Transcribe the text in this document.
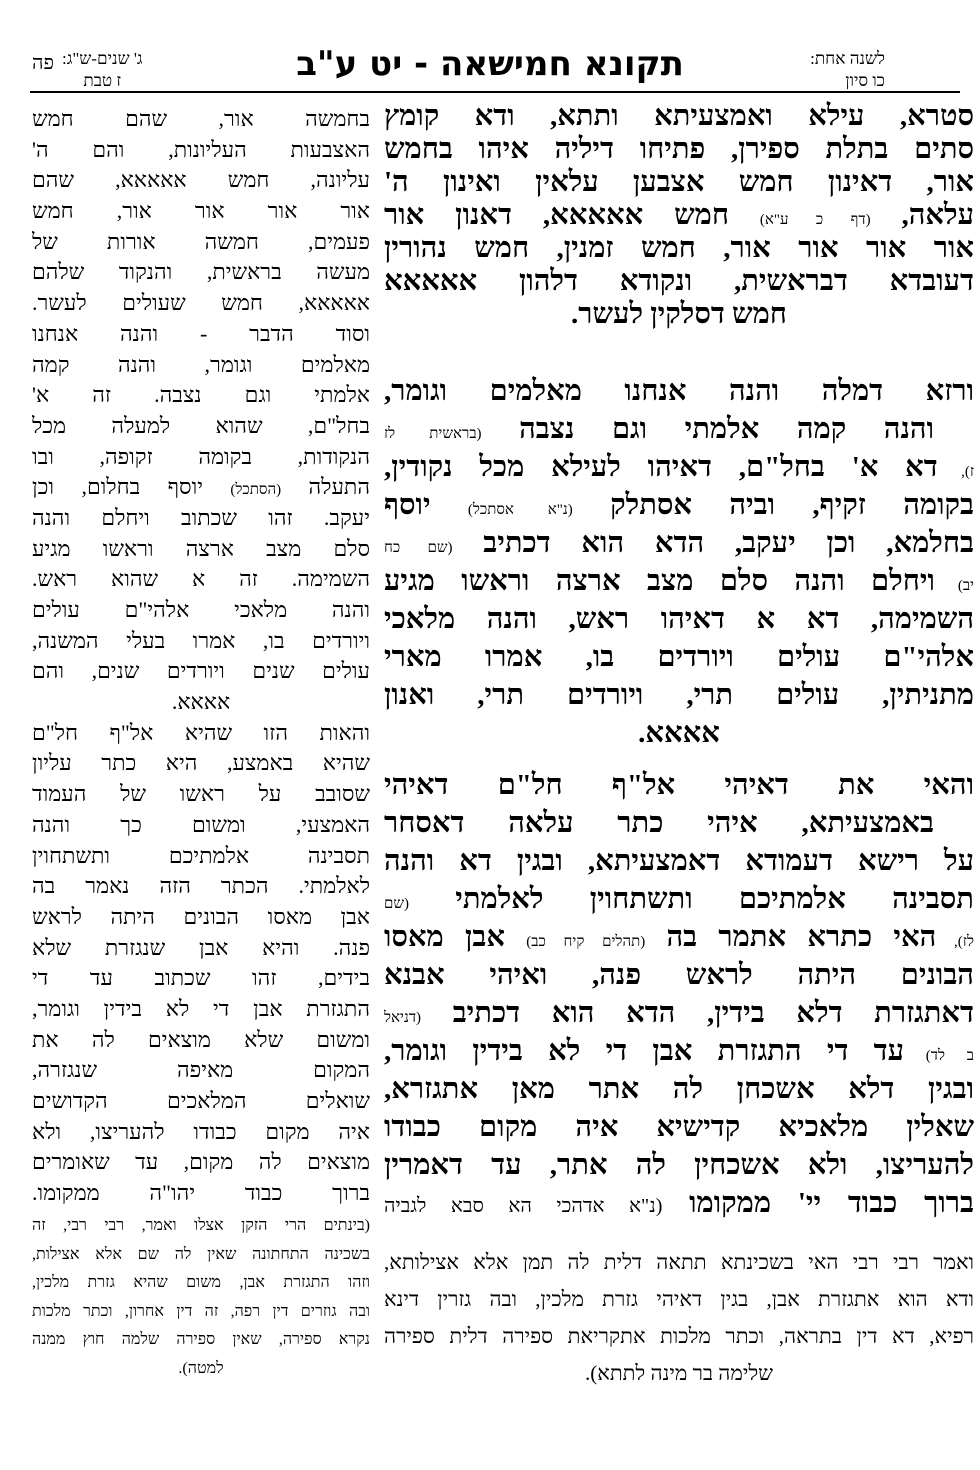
תקונא חמישאה - יט ע"ב	לשנה אחת:
כו סיון
ג' שנים-ש"ג:
ז טבת
פה
סטרא, עילא ואמצעיתא ותתא, ודא קומץ
סתים בתלת ספירן, פתיחו דיליה איהו בחמש
אור, דאינון חמש אצבען עלאין ואינון ה'
עלאה, (דף כ ע"א) חמש אאאאא, דאנון אור
אור אור אור אור, חמש זמנין, חמש נהורין
דעובדא דבראשית, ונקודא דלהון אאאאא
חמש דסלקין לעשר.
ורזא דמלה והנה אנחנו מאלמים וגומר,
והנה קמה אלמתי וגם נצבה (בראשית לז
ז), דא א' בחל"ם, דאיהו לעילא מכל נקודין,
בקומה זקיף, וביה אסתלק (נ"א אסתכל) יוסף
בחלמא, וכן יעקב, הדא הוא דכתיב (שם כח
יב) ויחלם והנה סלם מצב ארצה וראשו מגיע
השמימה, דא א דאיהו ראש, והנה מלאכי
אלהי"ם עולים ויורדים בו, אמרו מארי
מתניתין, עולים תרי, ויורדים תרי, ואנון
אאאא.
והאי את דאיהי אל"ף חל"ם דאיהי
באמצעיתא, איהי כתר עלאה דאסחר
על רישא דעמודא דאמצעיתא, ובגין דא והנה
תסבינה אלמתיכם ותשתחוין לאלמתי (שם
לז), האי כתרא אתמר בה (תהלים קיח כב) אבן מאסו
הבונים היתה לראש פנה, ואיהי אבנא
דאתגזרת דלא בידין, הדא הוא דכתיב (דניאל
ב לד) עד די התגזרת אבן די לא בידין וגומר,
ובגין דלא אשכחן לה אתר מאן אתגזרא,
שאלין מלאכיא קדישיא איה מקום כבודו
להעריצו, ולא אשכחין לה אתר, עד דאמרין
ברוך כבוד יי' ממקומו (נ"א אדהכי הא סבא לגביה
ואמר רבי רבי האי בשכינתא תתאה דלית לה תמן אלא אצילותא,
ודא הוא אתגזרת אבן, בגין דאיהי גזרת מלכין, ובה גזרין דינא
רפיא, דא דין בתראה, וכתר מלכות אתקריאת ספירה דלית ספירה
שלימה בר מינה לתתא).
בחמשה אור, שהם חמש
האצבעות העליונות, והם ה'
עליונה, חמש אאאאא, שהם
אור אור אור אור, חמש
פעמים, חמשה אורות של
מעשה בראשית, והנקוד שלהם
אאאאא, חמש שעולים לעשר.
וסוד הדבר - והנה אנחנו
מאלמים וגומר, והנה קמה
אלמתי וגם נצבה. זה א'
בחל"ם, שהוא למעלה מכל
הנקודות, בקומה זקופה, ובו
התעלה (הסתכל) יוסף בחלום, וכן
יעקב. זהו שכתוב ויחלם והנה
סלם מצב ארצה וראשו מגיע
השמימה. זה א שהוא ראש.
והנה מלאכי אלהי"ם עולים
ויורדים בו, אמרו בעלי המשנה,
עולים שנים ויורדים שנים, והם
אאאא.
והאות הזו שהיא אל"ף חל"ם
שהיא באמצע, היא כתר עליון
שסובב על ראשו של העמוד
האמצעי, ומשום כך והנה
תסבינה אלמתיכם ותשתחוין
לאלמתי. הכתר הזה נאמר בה
אבן מאסו הבונים היתה לראש
פנה. והיא אבן שנגזרת שלא
בידים, זהו שכתוב עד די
התגזרת אבן די לא בידין וגומר,
ומשום שלא מוצאים לה את
המקום מאיפה שנגזרה,
שואלים המלאכים הקדושים
איה מקום כבודו להעריצו, ולא
מוצאים לה מקום, עד שאומרים
ברוך כבוד יהו"ה ממקומו.
(בינתים הרי הזקן אצלו ואמר, רבי רבי, זה
בשכינה התחתונה שאין לה שם אלא אצילות,
וזהו התגזרת אבן, משום שהיא גזרת מלכין,
ובה גוזרים דין רפה, זה דין אחרון, וכתר מלכות
נקרא ספירה, שאין ספירה שלמה חוץ ממנה
למטה).
